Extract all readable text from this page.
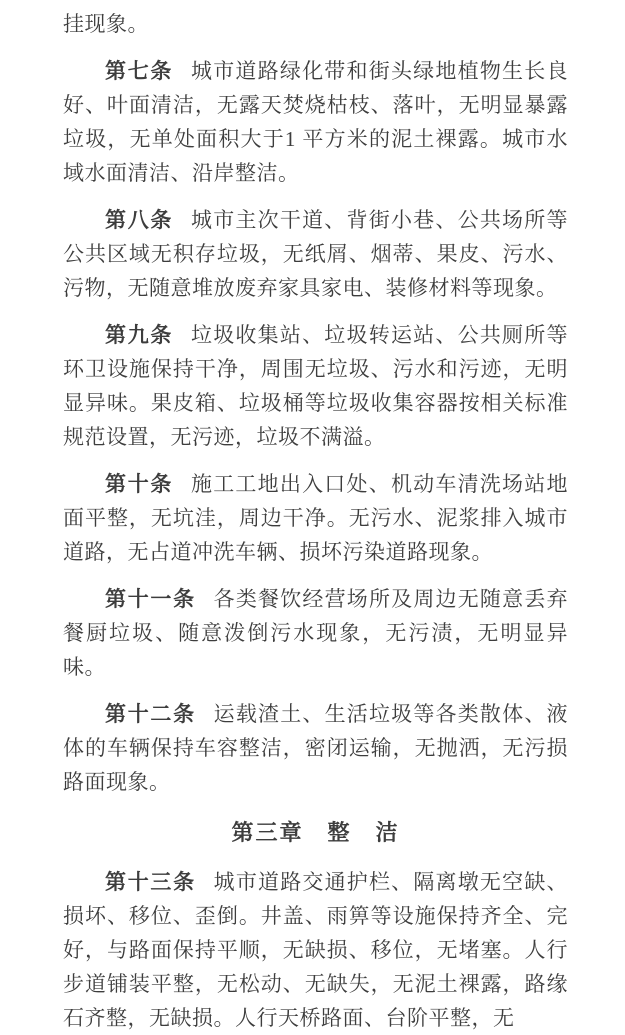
挂现象。

第七条 城市道路绿化带和街头绿地植物生长良好、叶面清洁，无露天焚烧枯枝、落叶，无明显暴露垃圾，无单处面积大于1 平方米的泥土裸露。城市水域水面清洁、沿岸整洁。

第八条 城市主次干道、背街小巷、公共场所等公共区域无积存垃圾，无纸屑、烟蒂、果皮、污水、污物，无随意堆放废弃家具家电、装修材料等现象。

第九条 垃圾收集站、垃圾转运站、公共厕所等环卫设施保持干净，周围无垃圾、污水和污迹，无明显异味。果皮箱、垃圾桶等垃圾收集容器按相关标准规范设置，无污迹，垃圾不满溢。

第十条 施工工地出入口处、机动车清洗场站地面平整，无坑洼，周边干净。无污水、泥浆排入城市道路，无占道冲洗车辆、损坏污染道路现象。

第十一条 各类餐饮经营场所及周边无随意丢弃餐厨垃圾、随意泼倒污水现象，无污渍，无明显异味。

第十二条 运载渣土、生活垃圾等各类散体、液体的车辆保持车容整洁，密闭运输，无抛洒，无污损路面现象。

第三章　整　洁

第十三条 城市道路交通护栏、隔离墩无空缺、损坏、移位、歪倒。井盖、雨箅等设施保持齐全、完好，与路面保持平顺，无缺损、移位，无堵塞。人行步道铺装平整，无松动、无缺失，无泥土裸露，路缘石齐整，无缺损。人行天桥路面、台阶平整，无
